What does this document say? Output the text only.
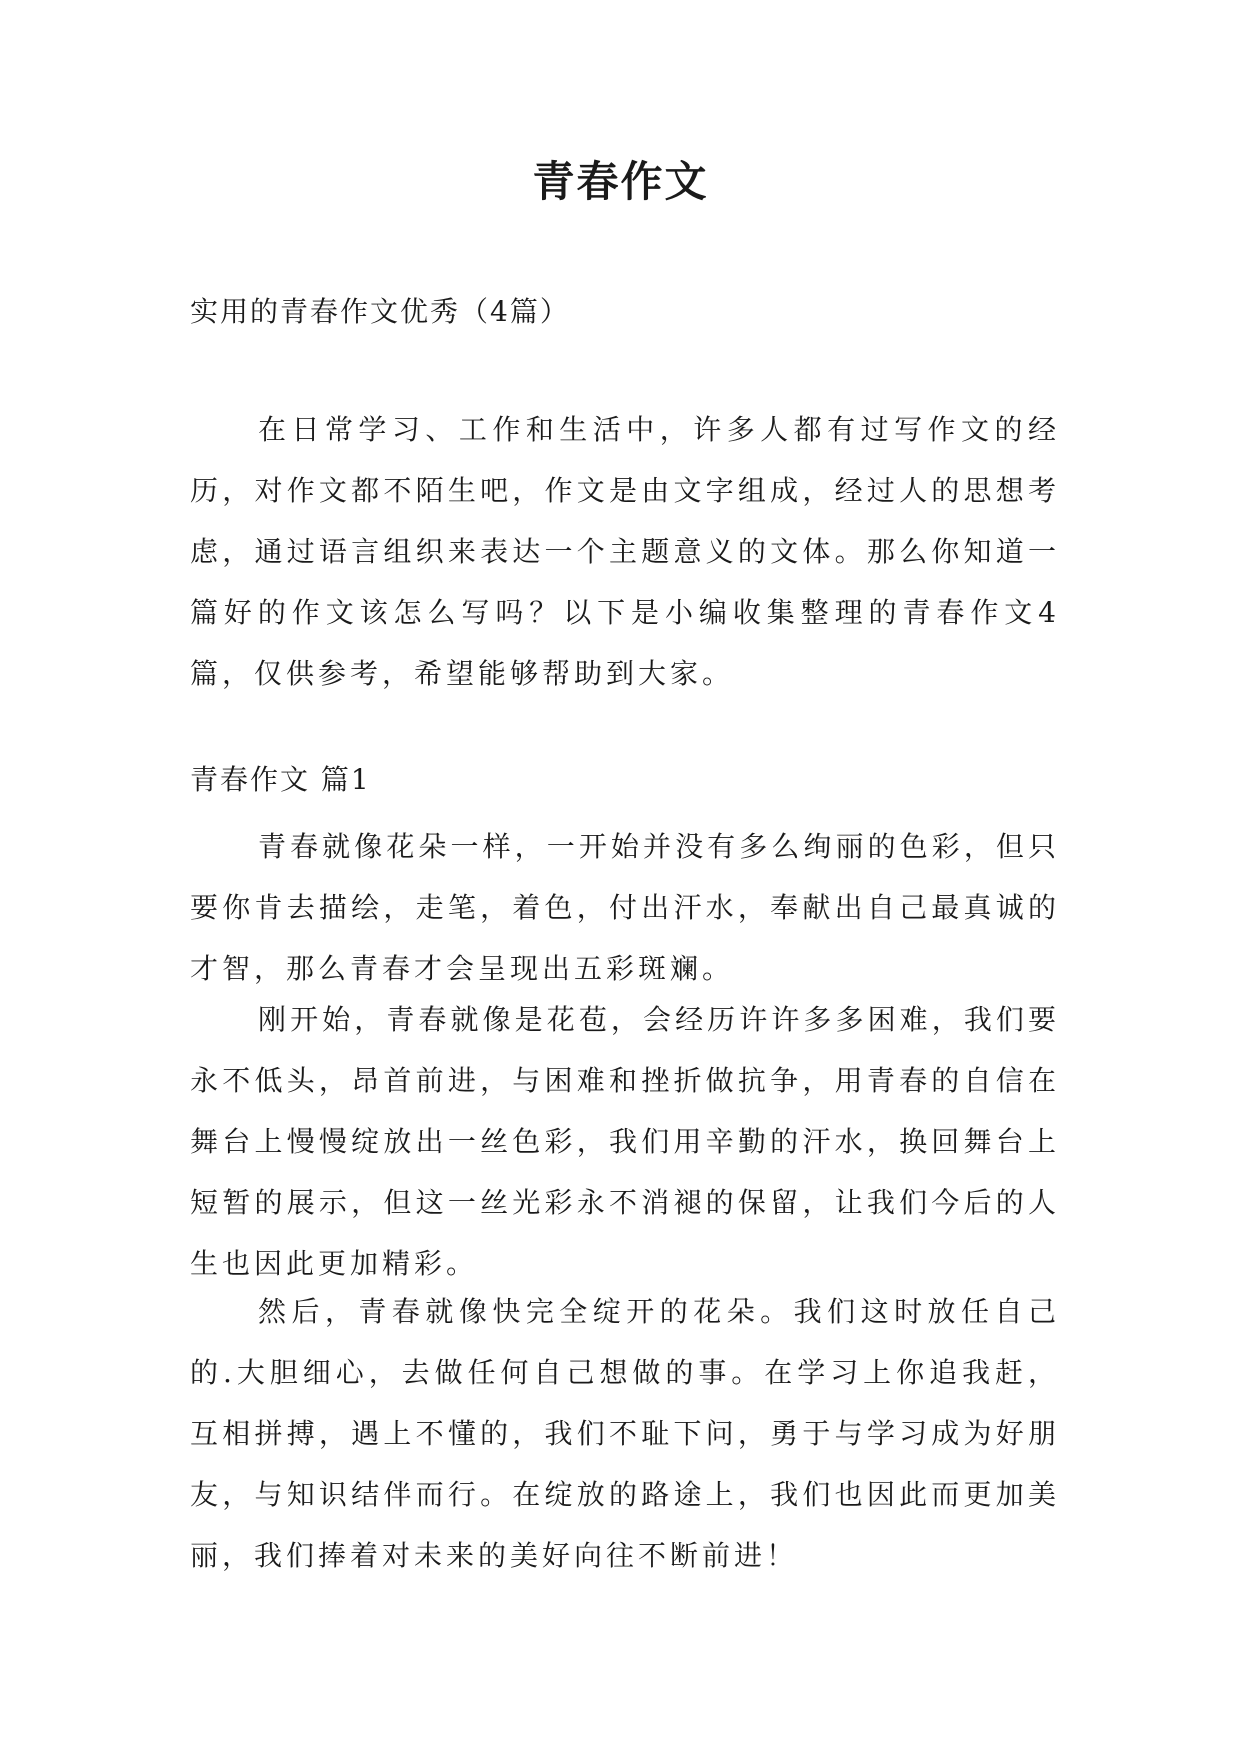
青春作文

实用的青春作文优秀（4篇）

在日常学习、工作和生活中，许多人都有过写作文的经历，对作文都不陌生吧，作文是由文字组成，经过人的思想考虑，通过语言组织来表达一个主题意义的文体。那么你知道一篇好的作文该怎么写吗？以下是小编收集整理的青春作文4篇，仅供参考，希望能够帮助到大家。

青春作文 篇1

青春就像花朵一样，一开始并没有多么绚丽的色彩，但只要你肯去描绘，走笔，着色，付出汗水，奉献出自己最真诚的才智，那么青春才会呈现出五彩斑斓。

刚开始，青春就像是花苞，会经历许许多多困难，我们要永不低头，昂首前进，与困难和挫折做抗争，用青春的自信在舞台上慢慢绽放出一丝色彩，我们用辛勤的汗水，换回舞台上短暂的展示，但这一丝光彩永不消褪的保留，让我们今后的人生也因此更加精彩。

然后，青春就像快完全绽开的花朵。我们这时放任自己的.大胆细心，去做任何自己想做的事。在学习上你追我赶，互相拼搏，遇上不懂的，我们不耻下问，勇于与学习成为好朋友，与知识结伴而行。在绽放的路途上，我们也因此而更加美丽，我们捧着对未来的美好向往不断前进！
